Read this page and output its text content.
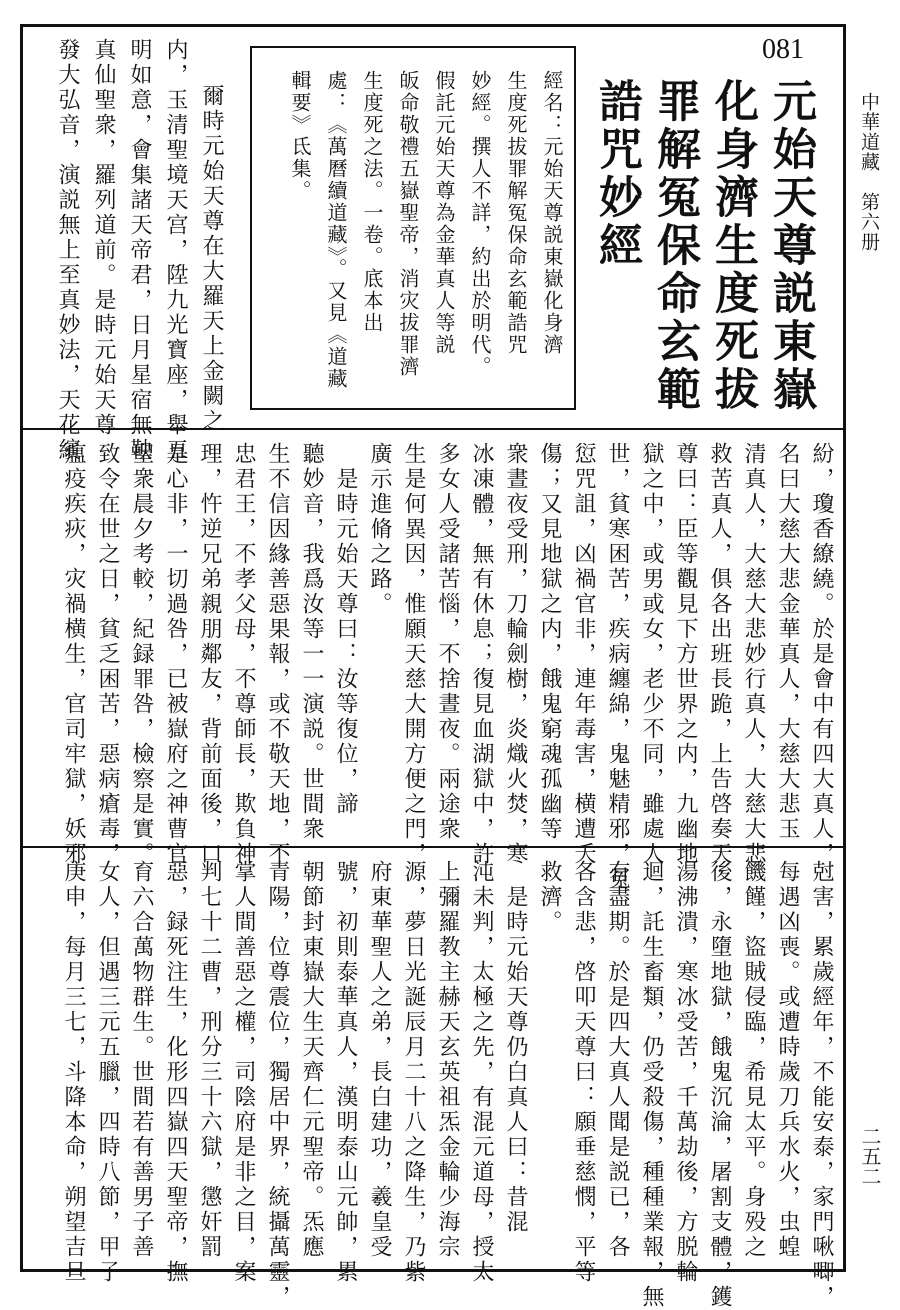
中華道藏　第六册
二五二
081
元始天尊説東嶽
化身濟生度死拔
罪解冤保命玄範
誥咒妙經
經名：元始天尊説東嶽化身濟
生度死拔罪解冤保命玄範誥咒
妙經。撰人不詳，約出於明代。
假託元始天尊為金華真人等説
皈命敬禮五嶽聖帝，消灾拔罪濟
生度死之法。一卷。底本出
處：《萬曆續道藏》。又見《道藏
輯要》氐集。
爾時元始天尊在大羅天上金闕之
内，玉清聖境天宫，陞九光寶座，舉五
明如意，會集諸天帝君，日月星宿無鞅
真仙聖衆，羅列道前。是時元始天尊
發大弘音，演説無上至真妙法，天花繽
紛，瓊香繚繞。於是會中有四大真人，
名曰大慈大悲金華真人，大慈大悲玉
清真人，大慈大悲妙行真人，大慈大悲
救苦真人，俱各出班長跪，上告啓奏天
尊曰：臣等觀見下方世界之内，九幽地
獄之中，或男或女，老少不同，雖處人
世，貧寒困苦，疾病纏綿，鬼魅精邪，冤
愆咒詛，凶禍官非，連年毒害，横遭夭
傷；又見地獄之内，餓鬼窮魂孤幽等
衆晝夜受刑，刀輪劍樹，炎熾火焚，寒
冰凍體，無有休息；復見血湖獄中，許
多女人受諸苦惱，不捨晝夜。兩途衆
生是何異因，惟願天慈大開方便之門，
廣示進脩之路。
　是時元始天尊曰：汝等復位，諦
聽妙音，我爲汝等一一演説。世間衆
生不信因緣善惡果報，或不敬天地，不
忠君王，不孝父母，不尊師長，欺負神
理，忤逆兄弟親朋鄰友，背前面後，口
是心非，一切過咎，已被嶽府之神曹官
聖衆晨夕考較，紀録罪咎，檢察是實。
致令在世之日，貧乏困苦，惡病瘡毒，
瘟疫疾疢，灾禍横生，官司牢獄，妖邪
尅害，累歲經年，不能安泰，家門啾唧，
每遇凶喪。或遭時歲刀兵水火，虫蝗
饑饉，盜賊侵臨，希見太平。身殁之
後，永墮地獄，餓鬼沉淪，屠割支體，鑊
湯沸潰，寒冰受苦，千萬劫後，方脱輪
迴，託生畜類，仍受殺傷，種種業報，無
有盡期。於是四大真人聞是説已，各
各含悲，啓叩天尊曰：願垂慈憫，平等
救濟。
　是時元始天尊仍白真人曰：昔混
沌未判，太極之先，有混元道母，授太
上彌羅教主赫天玄英祖炁金輪少海宗
源，夢日光誕辰月二十八之降生，乃紫
府東華聖人之弟，長白建功，羲皇受
號，初則泰華真人，漢明泰山元帥，累
朝節封東嶽大生天齊仁元聖帝。炁應
青陽，位尊震位，獨居中界，統攝萬靈，
掌人間善惡之權，司陰府是非之目，案
判七十二曹，刑分三十六獄，懲奸罰
惡，録死注生，化形四嶽四天聖帝，撫
育六合萬物群生。世間若有善男子善
女人，但遇三元五臘，四時八節，甲子
庚申，每月三七，斗降本命，朔望吉旦
